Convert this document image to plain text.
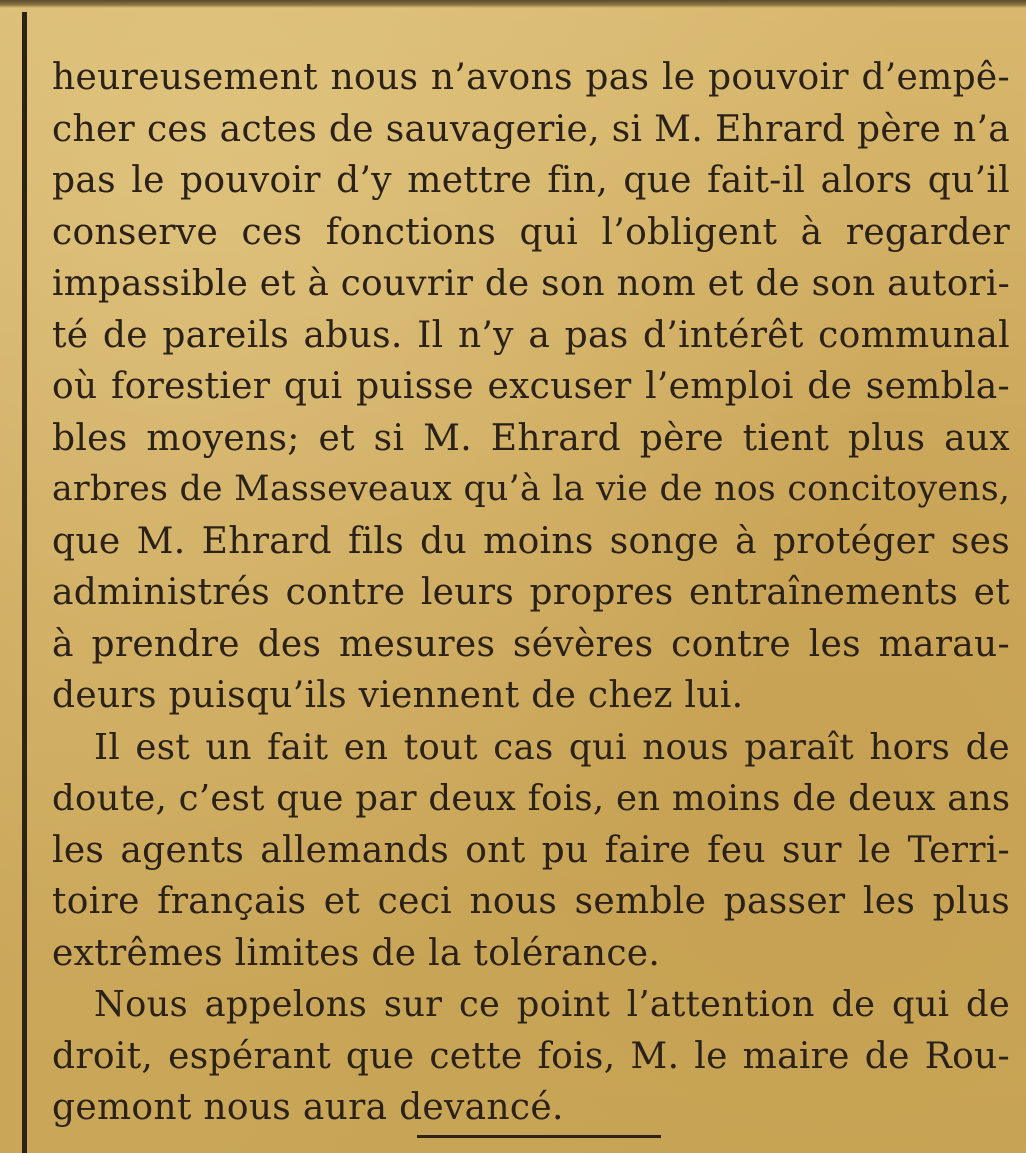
heureusement nous n’avons pas le pouvoir d’empê-
cher ces actes de sauvagerie, si M. Ehrard père n’a
pas le pouvoir d’y mettre fin, que fait-il alors qu’il
conserve ces fonctions qui l’obligent à regarder
impassible et à couvrir de son nom et de son autori-
té de pareils abus. Il n’y a pas d’intérêt communal
où forestier qui puisse excuser l’emploi de sembla-
bles moyens; et si M. Ehrard père tient plus aux
arbres de Masseveaux qu’à la vie de nos concitoyens,
que M. Ehrard fils du moins songe à protéger ses
administrés contre leurs propres entraînements et
à prendre des mesures sévères contre les marau-
deurs puisqu’ils viennent de chez lui.
Il est un fait en tout cas qui nous paraît hors de
doute, c’est que par deux fois, en moins de deux ans
les agents allemands ont pu faire feu sur le Terri-
toire français et ceci nous semble passer les plus
extrêmes limites de la tolérance.
Nous appelons sur ce point l’attention de qui de
droit, espérant que cette fois, M. le maire de Rou-
gemont nous aura devancé.
